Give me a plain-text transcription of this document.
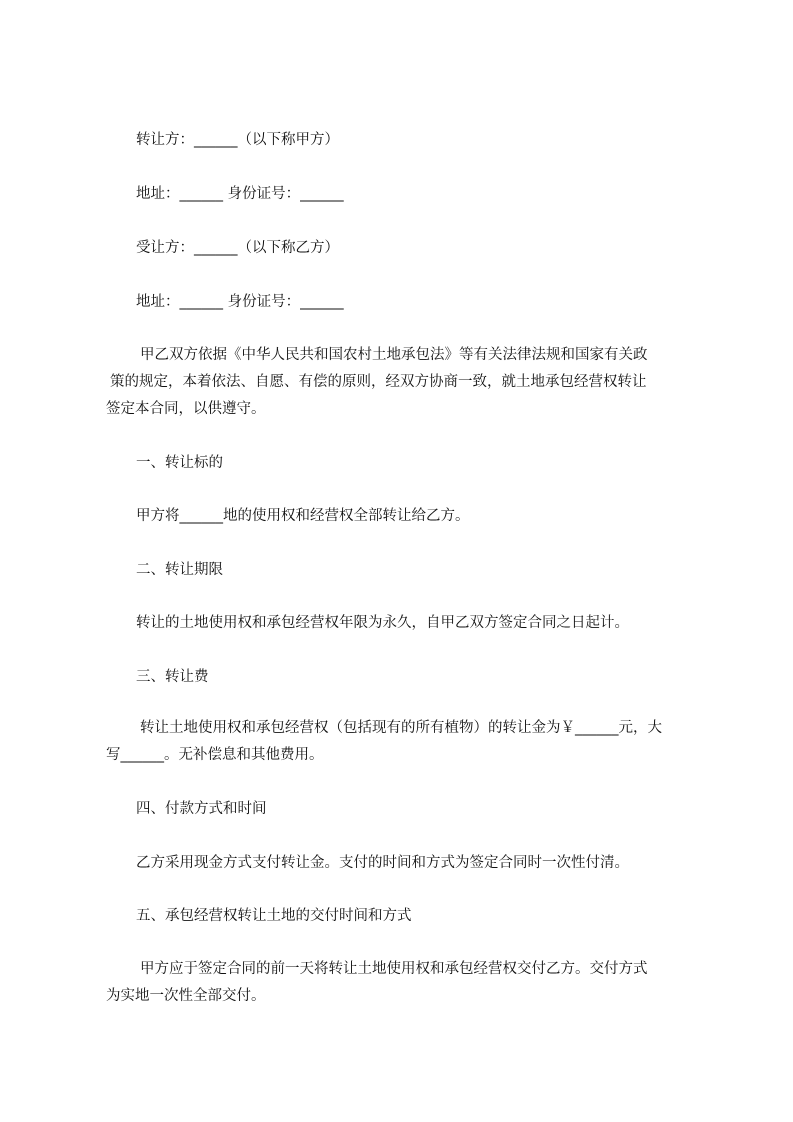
转让方：______（以下称甲方）
地址：______ 身份证号：______
受让方：______（以下称乙方）
地址：______ 身份证号：______
甲乙双方依据《中华人民共和国农村土地承包法》等有关法律法规和国家有关政
策的规定，本着依法、自愿、有偿的原则，经双方协商一致，就土地承包经营权转让
签定本合同，以供遵守。
一、转让标的
甲方将______地的使用权和经营权全部转让给乙方。
二、转让期限
转让的土地使用权和承包经营权年限为永久，自甲乙双方签定合同之日起计。
三、转让费
转让土地使用权和承包经营权（包括现有的所有植物）的转让金为￥______元，大
写______。无补偿息和其他费用。
四、付款方式和时间
乙方采用现金方式支付转让金。支付的时间和方式为签定合同时一次性付清。
五、承包经营权转让土地的交付时间和方式
甲方应于签定合同的前一天将转让土地使用权和承包经营权交付乙方。交付方式
为实地一次性全部交付。
